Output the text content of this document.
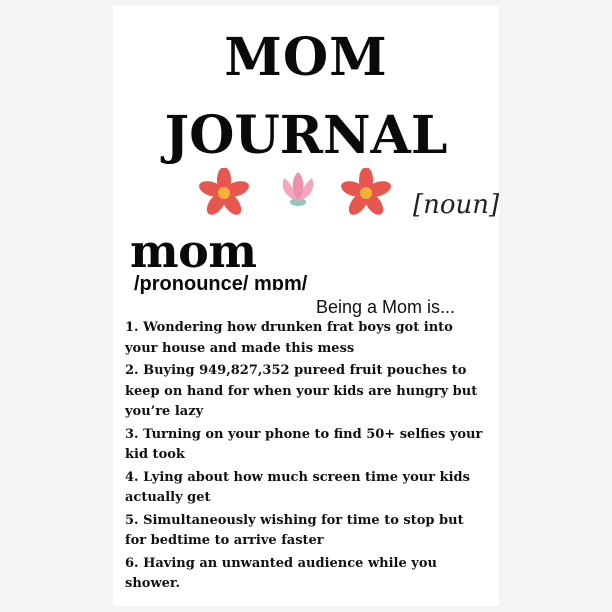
MOM
JOURNAL
[noun]
mom
/pronounce/ mɒm/
Being a Mom is...
1. Wondering how drunken frat boys got into your house and made this mess
2. Buying 949,827,352 pureed fruit pouches to keep on hand for when your kids are hungry but you’re lazy
3. Turning on your phone to find 50+ selfies your kid took
4. Lying about how much screen time your kids actually get
5. Simultaneously wishing for time to stop but for bedtime to arrive faster
6. Having an unwanted audience while you shower.
